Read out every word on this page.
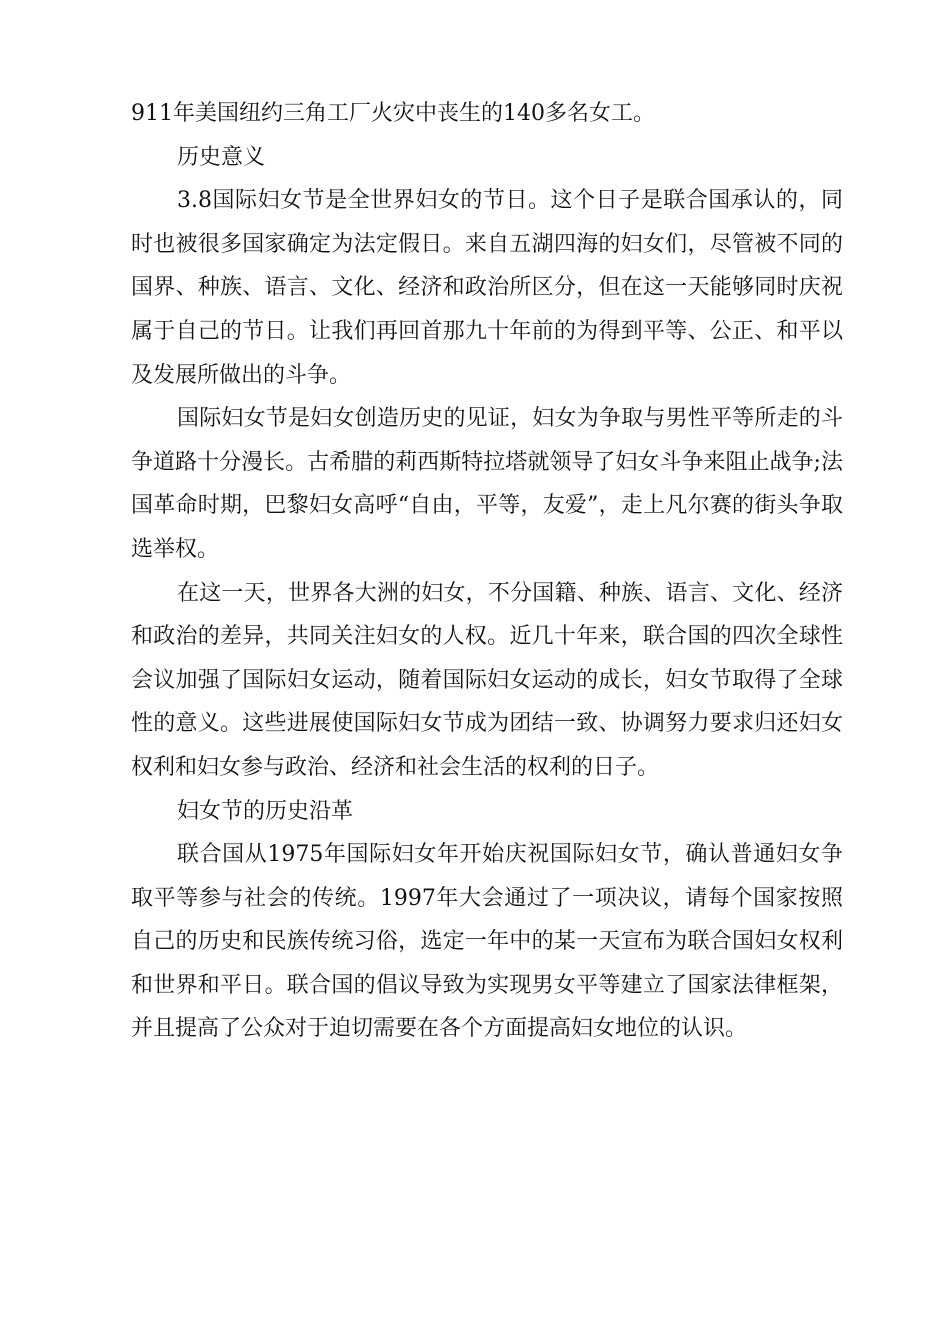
911年美国纽约三角工厂火灾中丧生的140多名女工。

历史意义

3.8国际妇女节是全世界妇女的节日。这个日子是联合国承认的，同时也被很多国家确定为法定假日。来自五湖四海的妇女们，尽管被不同的国界、种族、语言、文化、经济和政治所区分，但在这一天能够同时庆祝属于自己的节日。让我们再回首那九十年前的为得到平等、公正、和平以及发展所做出的斗争。

国际妇女节是妇女创造历史的见证，妇女为争取与男性平等所走的斗争道路十分漫长。古希腊的莉西斯特拉塔就领导了妇女斗争来阻止战争;法国革命时期，巴黎妇女高呼“自由，平等，友爱”，走上凡尔赛的街头争取选举权。

在这一天，世界各大洲的妇女，不分国籍、种族、语言、文化、经济和政治的差异，共同关注妇女的人权。近几十年来，联合国的四次全球性会议加强了国际妇女运动，随着国际妇女运动的成长，妇女节取得了全球性的意义。这些进展使国际妇女节成为团结一致、协调努力要求归还妇女权利和妇女参与政治、经济和社会生活的权利的日子。

妇女节的历史沿革

联合国从1975年国际妇女年开始庆祝国际妇女节，确认普通妇女争取平等参与社会的传统。1997年大会通过了一项决议，请每个国家按照自己的历史和民族传统习俗，选定一年中的某一天宣布为联合国妇女权利和世界和平日。联合国的倡议导致为实现男女平等建立了国家法律框架，并且提高了公众对于迫切需要在各个方面提高妇女地位的认识。
